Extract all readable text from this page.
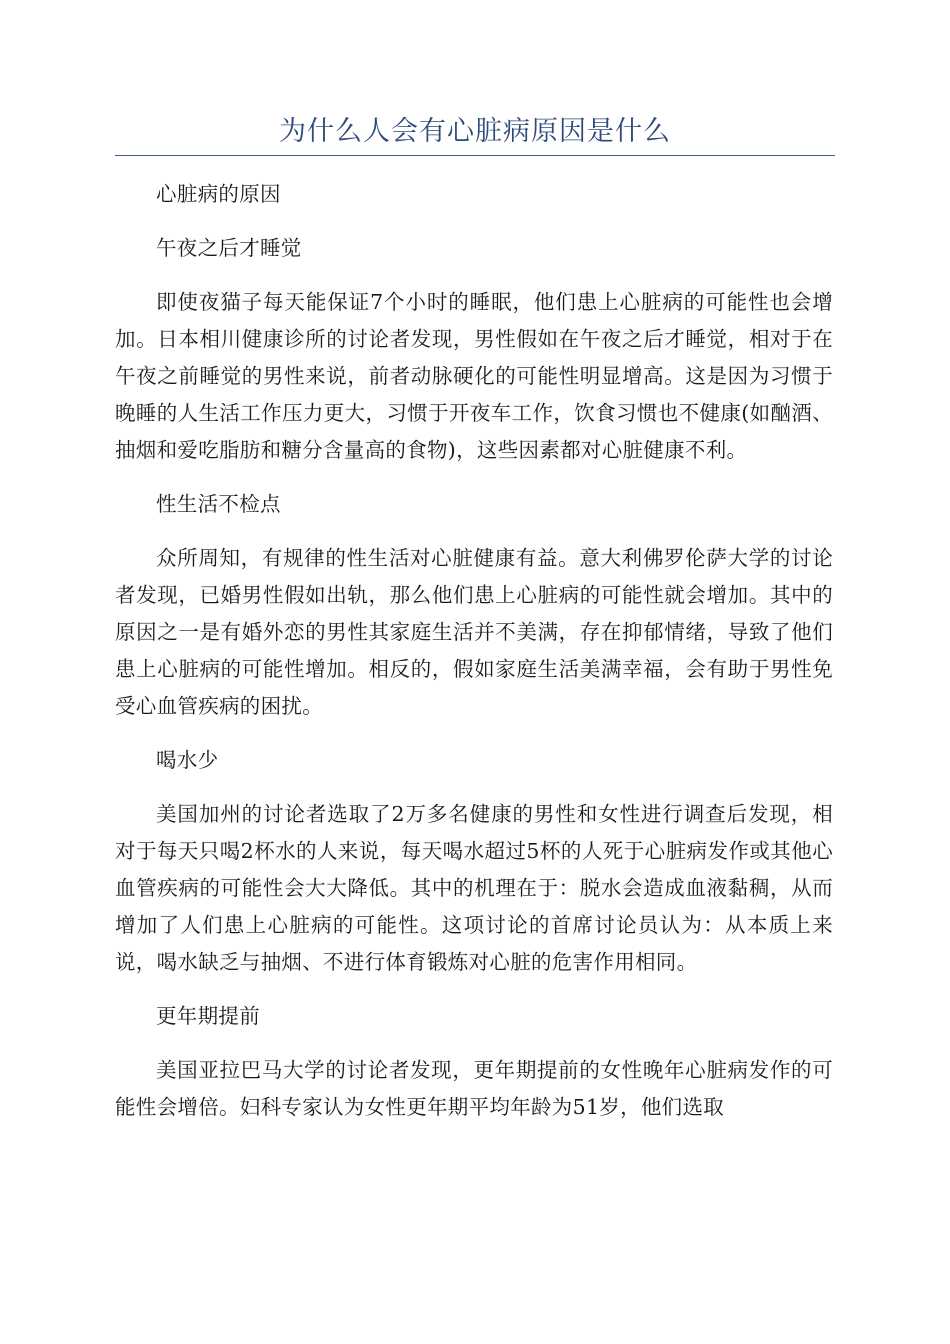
为什么人会有心脏病原因是什么

心脏病的原因

午夜之后才睡觉

即使夜猫子每天能保证7个小时的睡眠，他们患上心脏病的可能性也会增加。日本相川健康诊所的讨论者发现，男性假如在午夜之后才睡觉，相对于在午夜之前睡觉的男性来说，前者动脉硬化的可能性明显增高。这是因为习惯于晚睡的人生活工作压力更大，习惯于开夜车工作，饮食习惯也不健康(如酗酒、抽烟和爱吃脂肪和糖分含量高的食物)，这些因素都对心脏健康不利。

性生活不检点

众所周知，有规律的性生活对心脏健康有益。意大利佛罗伦萨大学的讨论者发现，已婚男性假如出轨，那么他们患上心脏病的可能性就会增加。其中的原因之一是有婚外恋的男性其家庭生活并不美满，存在抑郁情绪，导致了他们患上心脏病的可能性增加。相反的，假如家庭生活美满幸福，会有助于男性免受心血管疾病的困扰。

喝水少

美国加州的讨论者选取了2万多名健康的男性和女性进行调查后发现，相对于每天只喝2杯水的人来说，每天喝水超过5杯的人死于心脏病发作或其他心血管疾病的可能性会大大降低。其中的机理在于：脱水会造成血液黏稠，从而增加了人们患上心脏病的可能性。这项讨论的首席讨论员认为：从本质上来说，喝水缺乏与抽烟、不进行体育锻炼对心脏的危害作用相同。

更年期提前

美国亚拉巴马大学的讨论者发现，更年期提前的女性晚年心脏病发作的可能性会增倍。妇科专家认为女性更年期平均年龄为51岁，他们选取
